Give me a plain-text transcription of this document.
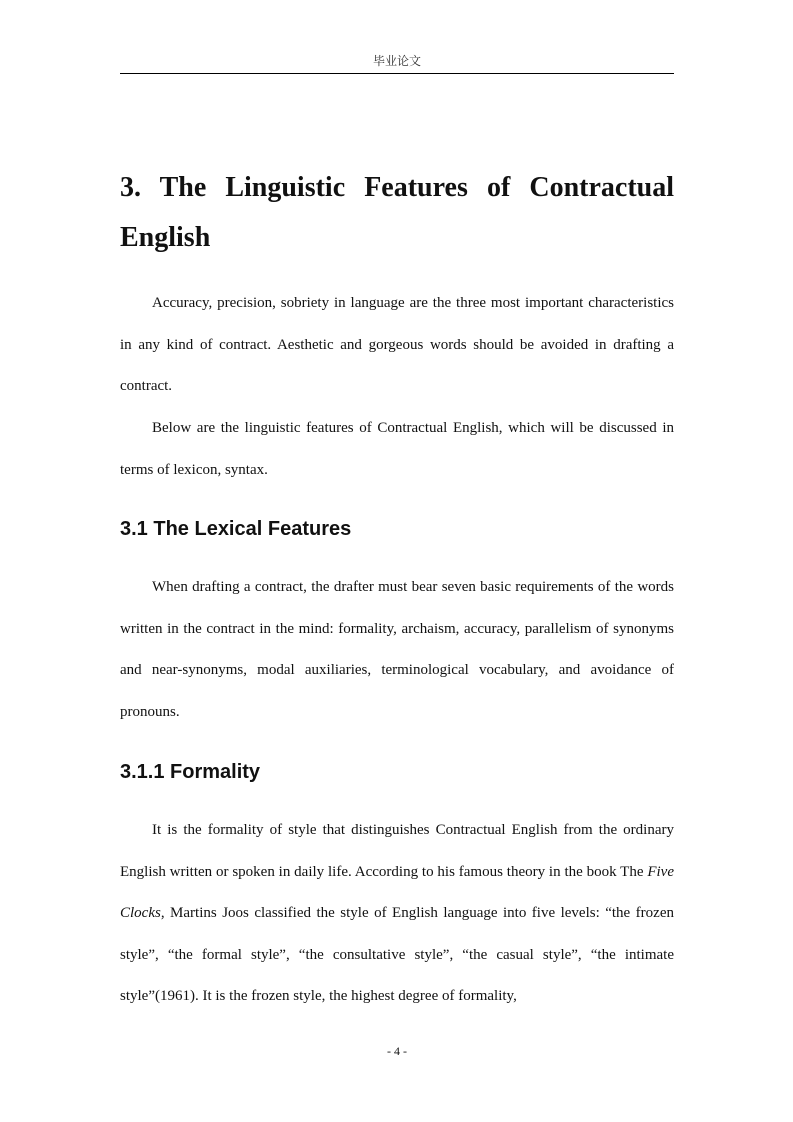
毕业论文
3. The Linguistic Features of Contractual English

Accuracy, precision, sobriety in language are the three most important characteristics in any kind of contract. Aesthetic and gorgeous words should be avoided in drafting a contract.

Below are the linguistic features of Contractual English, which will be discussed in terms of lexicon, syntax.

3.1 The Lexical Features

When drafting a contract, the drafter must bear seven basic requirements of the words written in the contract in the mind: formality, archaism, accuracy, parallelism of synonyms and near-synonyms, modal auxiliaries, terminological vocabulary, and avoidance of pronouns.

3.1.1 Formality

It is the formality of style that distinguishes Contractual English from the ordinary English written or spoken in daily life. According to his famous theory in the book The Five Clocks, Martins Joos classified the style of English language into five levels: “the frozen style”, “the formal style”, “the consultative style”, “the casual style”, “the intimate style”(1961). It is the frozen style, the highest degree of formality,

- 4 -
